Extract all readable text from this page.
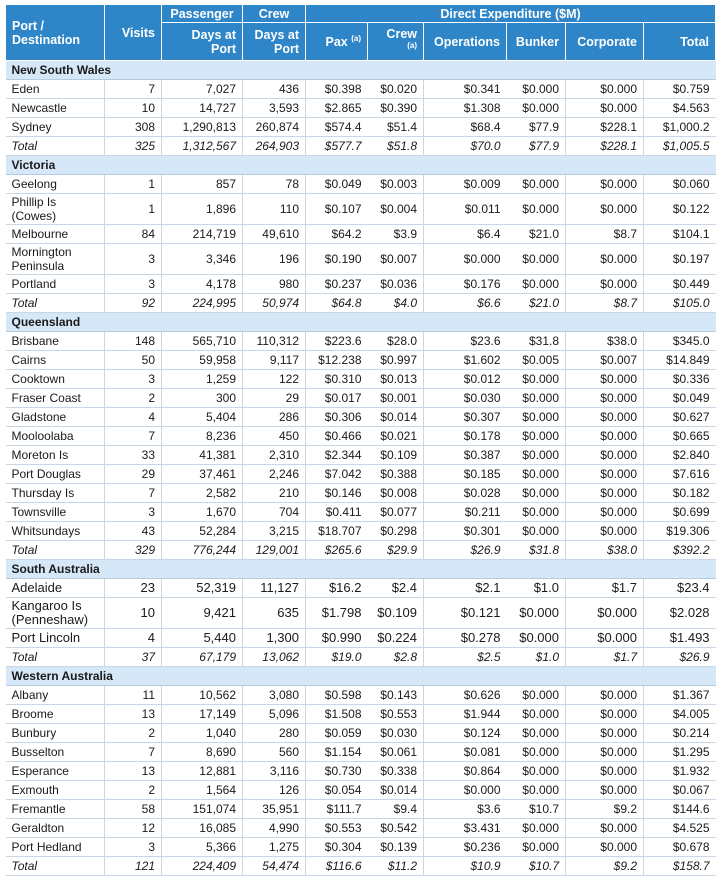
Port / Destination	Visits	Passenger	Crew	Direct Expenditure ($M)					
		Days at Port	Days at Port	Pax $^{(a)}$	Crew $^{(a)}$	Operations	Bunker	Corporate	Total
New South Wales									
Eden	7	7,027	436	$0.398	$0.020	$0.341	$0.000	$0.000	$0.759
Newcastle	10	14,727	3,593	$2.865	$0.390	$1.308	$0.000	$0.000	$4.563
Sydney	308	1,290,813	260,874	$574.4	$51.4	$68.4	$77.9	$228.1	$1,000.2
Total	325	1,312,567	264,903	$577.7	$51.8	$70.0	$77.9	$228.1	$1,005.5
Victoria									
Geelong	1	857	78	$0.049	$0.003	$0.009	$0.000	$0.000	$0.060
Phillip Is (Cowes)	1	1,896	110	$0.107	$0.004	$0.011	$0.000	$0.000	$0.122
Melbourne	84	214,719	49,610	$64.2	$3.9	$6.4	$21.0	$8.7	$104.1
Mornington Peninsula	3	3,346	196	$0.190	$0.007	$0.000	$0.000	$0.000	$0.197
Portland	3	4,178	980	$0.237	$0.036	$0.176	$0.000	$0.000	$0.449
Total	92	224,995	50,974	$64.8	$4.0	$6.6	$21.0	$8.7	$105.0
Queensland									
Brisbane	148	565,710	110,312	$223.6	$28.0	$23.6	$31.8	$38.0	$345.0
Cairns	50	59,958	9,117	$12.238	$0.997	$1.602	$0.005	$0.007	$14.849
Cooktown	3	1,259	122	$0.310	$0.013	$0.012	$0.000	$0.000	$0.336
Fraser Coast	2	300	29	$0.017	$0.001	$0.030	$0.000	$0.000	$0.049
Gladstone	4	5,404	286	$0.306	$0.014	$0.307	$0.000	$0.000	$0.627
Mooloolaba	7	8,236	450	$0.466	$0.021	$0.178	$0.000	$0.000	$0.665
Moreton Is	33	41,381	2,310	$2.344	$0.109	$0.387	$0.000	$0.000	$2.840
Port Douglas	29	37,461	2,246	$7.042	$0.388	$0.185	$0.000	$0.000	$7.616
Thursday Is	7	2,582	210	$0.146	$0.008	$0.028	$0.000	$0.000	$0.182
Townsville	3	1,670	704	$0.411	$0.077	$0.211	$0.000	$0.000	$0.699
Whitsundays	43	52,284	3,215	$18.707	$0.298	$0.301	$0.000	$0.000	$19.306
Total	329	776,244	129,001	$265.6	$29.9	$26.9	$31.8	$38.0	$392.2
South Australia									
Adelaide	23	52,319	11,127	$16.2	$2.4	$2.1	$1.0	$1.7	$23.4
Kangaroo Is (Penneshaw)	10	9,421	635	$1.798	$0.109	$0.121	$0.000	$0.000	$2.028
Port Lincoln	4	5,440	1,300	$0.990	$0.224	$0.278	$0.000	$0.000	$1.493
Total	37	67,179	13,062	$19.0	$2.8	$2.5	$1.0	$1.7	$26.9
Western Australia									
Albany	11	10,562	3,080	$0.598	$0.143	$0.626	$0.000	$0.000	$1.367
Broome	13	17,149	5,096	$1.508	$0.553	$1.944	$0.000	$0.000	$4.005
Bunbury	2	1,040	280	$0.059	$0.030	$0.124	$0.000	$0.000	$0.214
Busselton	7	8,690	560	$1.154	$0.061	$0.081	$0.000	$0.000	$1.295
Esperance	13	12,881	3,116	$0.730	$0.338	$0.864	$0.000	$0.000	$1.932
Exmouth	2	1,564	126	$0.054	$0.014	$0.000	$0.000	$0.000	$0.067
Fremantle	58	151,074	35,951	$111.7	$9.4	$3.6	$10.7	$9.2	$144.6
Geraldton	12	16,085	4,990	$0.553	$0.542	$3.431	$0.000	$0.000	$4.525
Port Hedland	3	5,366	1,275	$0.304	$0.139	$0.236	$0.000	$0.000	$0.678
Total	121	224,409	54,474	$116.6	$11.2	$10.9	$10.7	$9.2	$158.7
